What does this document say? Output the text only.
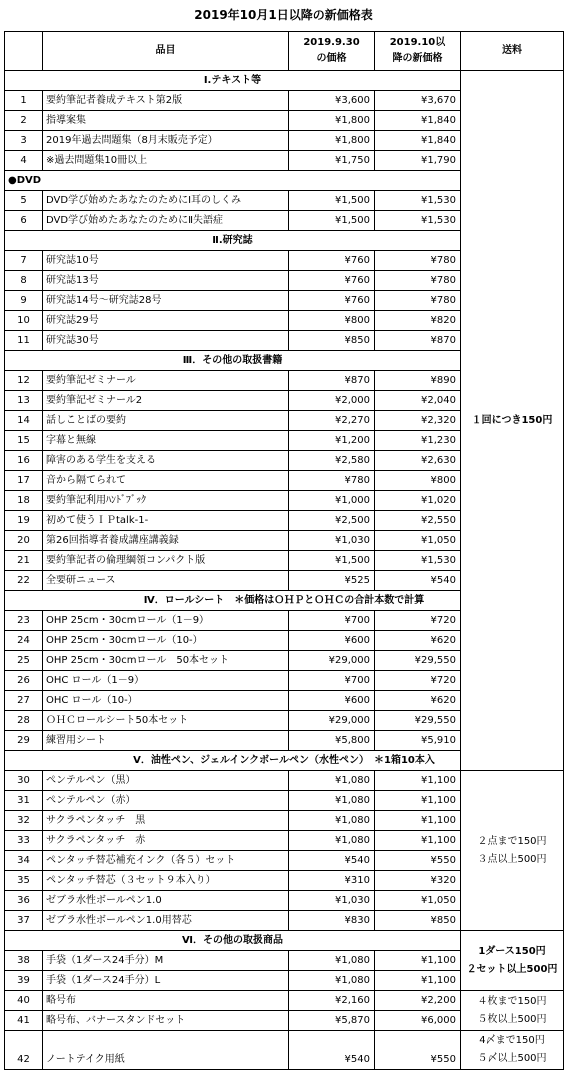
2019年10月1日以降の新価格表
	品目	2019.9.30の価格	2019.10以降の新価格	送料	
Ⅰ.テキスト等				１回につき150円	

1	要約筆記者養成テキスト第2版	¥3,600	¥3,670		
2	指導案集	¥1,800	¥1,840		
3	2019年過去問題集（8月末販売予定）	¥1,800	¥1,840		
4	※過去問題集10冊以上	¥1,750	¥1,790		
●DVD					
5	DVD学び始めたあなたのためにⅠ耳のしくみ	¥1,500	¥1,530		
6	DVD学び始めたあなたのためにⅡ失語症	¥1,500	¥1,530		
Ⅱ.研究誌					
7	研究誌10号	¥760	¥780		
8	研究誌13号	¥760	¥780		
9	研究誌14号～研究誌28号	¥760	¥780		
10	研究誌29号	¥800	¥820		
11	研究誌30号	¥850	¥870		
Ⅲ．その他の取扱書籍					
12	要約筆記ゼミナール	¥870	¥890		
13	要約筆記ゼミナール2	¥2,000	¥2,040		
14	話しことばの要約	¥2,270	¥2,320		
15	字幕と無線	¥1,200	¥1,230		
16	障害のある学生を支える	¥2,580	¥2,630		
17	音から隔てられて	¥780	¥800		
18	要約筆記利用ﾊﾝﾄﾞﾌﾞｯｸ	¥1,000	¥1,020		
19	初めて使うＩＰtalk-1-	¥2,500	¥2,550		
20	第26回指導者養成講座講義録	¥1,030	¥1,050		
21	要約筆記者の倫理綱領コンパクト版	¥1,500	¥1,530		
22	全要研ニュース	¥525	¥540		
Ⅳ．ロールシート　＊価格はＯＨＰとＯＨＣの合計本数で計算					
23	OHP 25cm・30cmロール（1－9）	¥700	¥720	

24	OHP 25cm・30cmロール（10-）	¥600	¥620		
25	OHP 25cm・30cmロール　50本セット	¥29,000	¥29,550		
26	OHC ロール（1－9）	¥700	¥720		
27	OHC ロール（10-）	¥600	¥620		
28	ＯＨＣロールシート50本セット	¥29,000	¥29,550		
29	練習用シート	¥5,800	¥5,910		
Ⅴ．油性ペン、ジェルインクボールペン（水性ペン）　＊1箱10本入					
30	ぺンテルペン（黒）	¥1,080	¥1,100	２点まで150円
３点以上500円	

31	ぺンテルペン（赤）	¥1,080	¥1,100		
32	サクラペンタッチ　黒	¥1,080	¥1,100		
33	サクラペンタッチ　赤	¥1,080	¥1,100		
34	ペンタッチ替芯補充インク（各５）セット	¥540	¥550		
35	ペンタッチ替芯（３セット９本入り）	¥310	¥320		
36	ゼブラ水性ボールペン1.0	¥1,030	¥1,050		
37	ゼブラ水性ボールペン1.0用替芯	¥830	¥850		
Ⅵ．その他の取扱商品				1ダース150円
２セット以上500円	

38	手袋（1ダース24手分）M	¥1,080	¥1,100		
39	手袋（1ダース24手分）L	¥1,080	¥1,100		
40	略号布	¥2,160	¥2,200	４枚まで150円
５枚以上500円	

41	略号布、バナースタンドセット	¥5,870	¥6,000		
42	ノートテイク用紙	¥540	¥550	4〆まで150円
５〆以上500円	
